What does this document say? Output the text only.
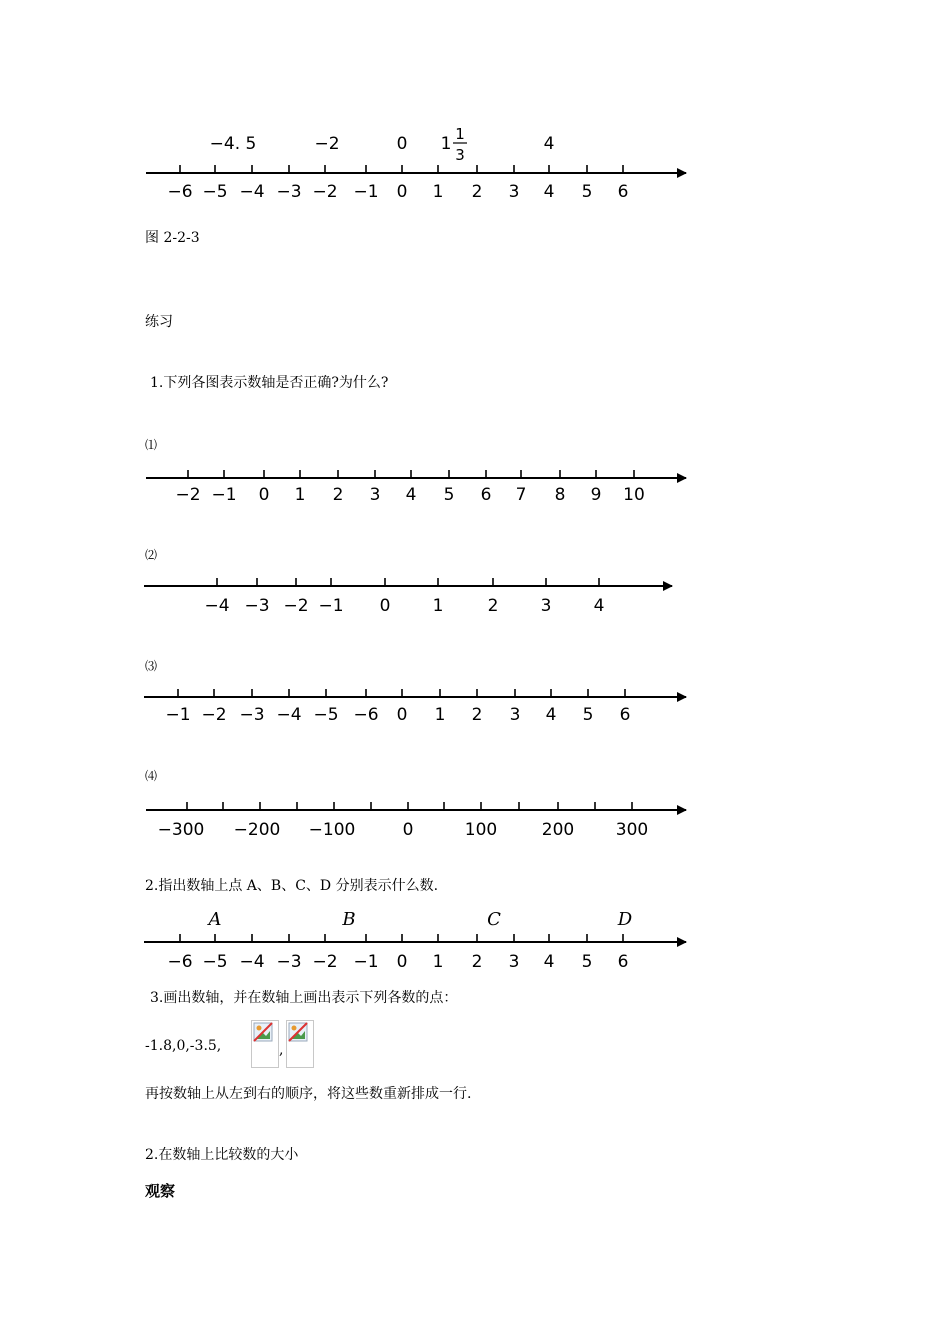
−4. 5	−2	0 1 1
3
4
−6 −5 −4 −3 −2 −1 0 1 2 3 4 5 6
−2 −1 0 1 2 3 4 5 6 7 8 9 10
−4 −3 −2 −1 0 1	2 3 4
−1 −2 −3 −4 −5 −6 0 1 2 3 4 5 6
−300 −200 −100	0	100	200 300
A	B	C	D
−6 −5 −4 −3 −2 −1 0 1 2 3 4 5 6
图 2-2-3
练习
1.下列各图表示数轴是否正确?为什么?
⑴
⑵
⑶
⑷
2.指出数轴上点 A、B、C、D 分别表示什么数.
3.画出数轴，并在数轴上画出表示下列各数的点：
-1.8,0,-3.5,	,
再按数轴上从左到右的顺序，将这些数重新排成一行.
2.在数轴上比较数的大小
观察
